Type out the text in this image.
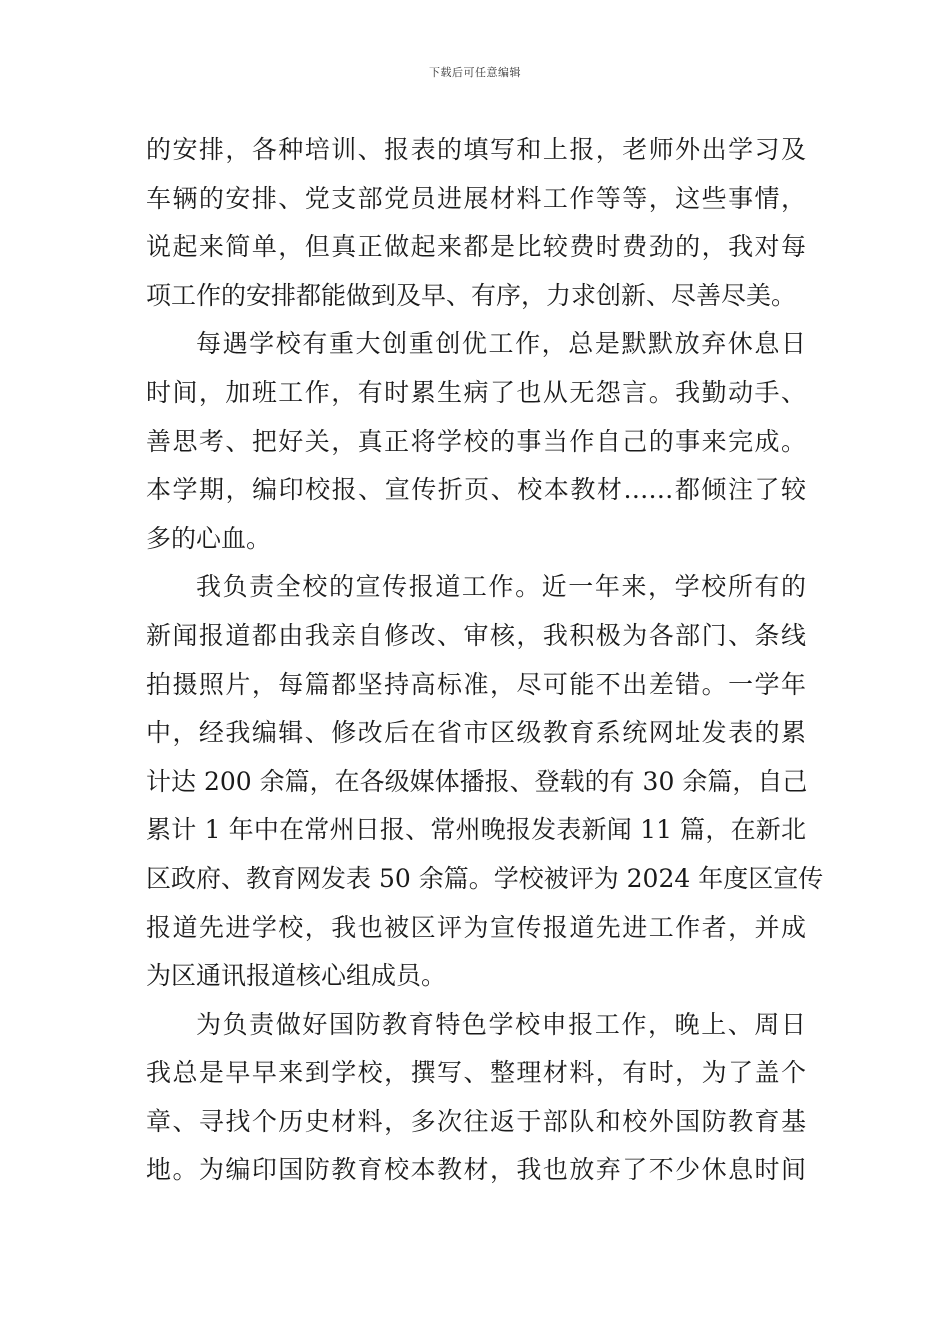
下载后可任意编辑
的安排，各种培训、报表的填写和上报，老师外出学习及
车辆的安排、党支部党员进展材料工作等等，这些事情，
说起来简单，但真正做起来都是比较费时费劲的，我对每
项工作的安排都能做到及早、有序，力求创新、尽善尽美。
每遇学校有重大创重创优工作，总是默默放弃休息日
时间，加班工作，有时累生病了也从无怨言。我勤动手、
善思考、把好关，真正将学校的事当作自己的事来完成。
本学期，编印校报、宣传折页、校本教材……都倾注了较
多的心血。
我负责全校的宣传报道工作。近一年来，学校所有的
新闻报道都由我亲自修改、审核，我积极为各部门、条线
拍摄照片，每篇都坚持高标准，尽可能不出差错。一学年
中，经我编辑、修改后在省市区级教育系统网址发表的累
计达 200 余篇，在各级媒体播报、登载的有 30 余篇，自己
累计 1 年中在常州日报、常州晚报发表新闻 11 篇，在新北
区政府、教育网发表 50 余篇。学校被评为 2024 年度区宣传
报道先进学校，我也被区评为宣传报道先进工作者，并成
为区通讯报道核心组成员。
为负责做好国防教育特色学校申报工作，晚上、周日
我总是早早来到学校，撰写、整理材料，有时，为了盖个
章、寻找个历史材料，多次往返于部队和校外国防教育基
地。为编印国防教育校本教材，我也放弃了不少休息时间
